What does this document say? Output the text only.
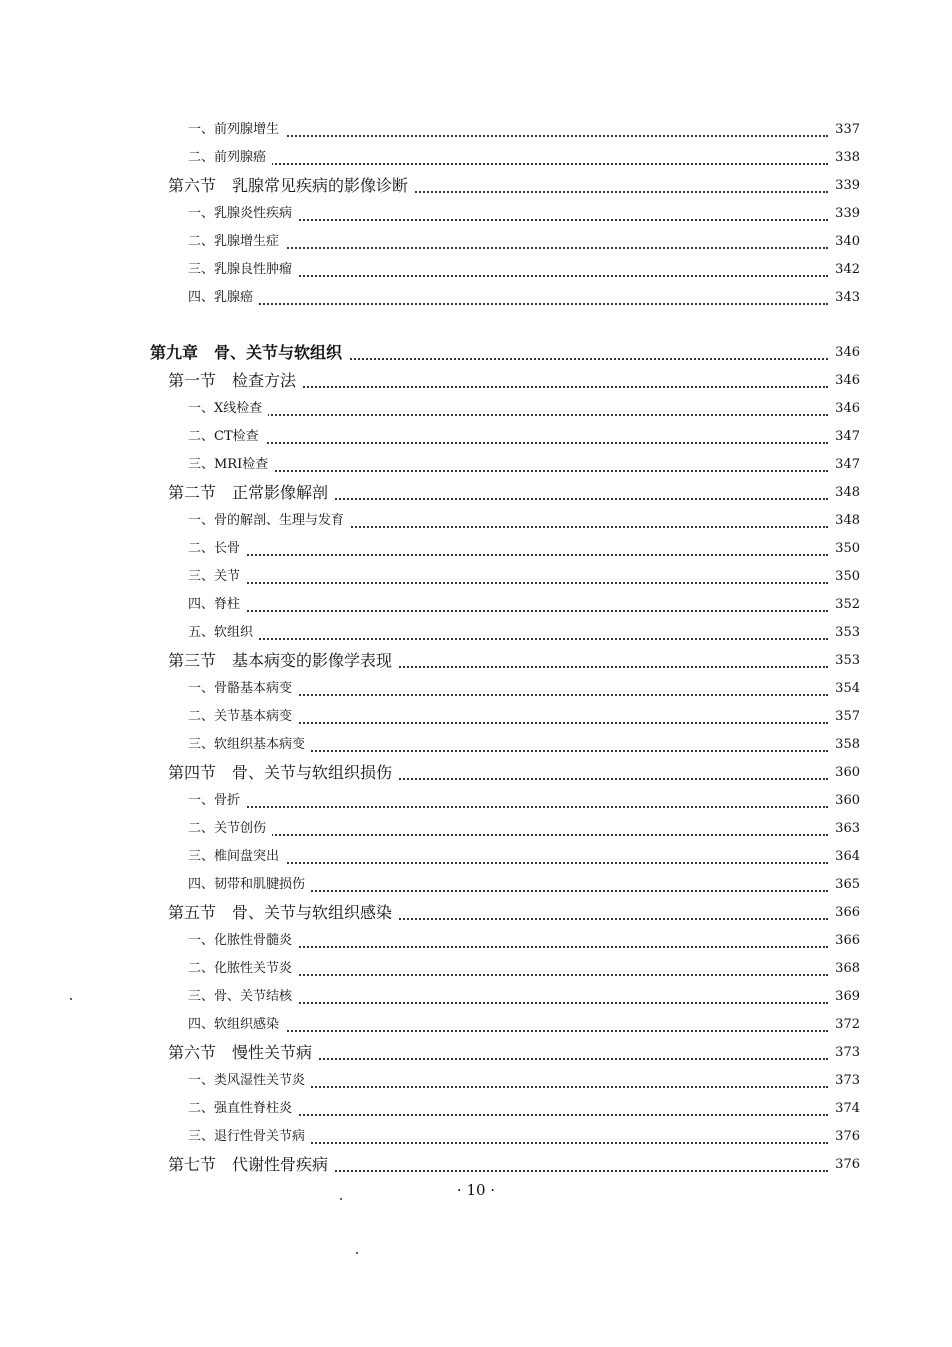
一、前列腺增生	337
二、前列腺癌	338
第六节　乳腺常见疾病的影像诊断	339
一、乳腺炎性疾病	339
二、乳腺增生症	340
三、乳腺良性肿瘤	342
四、乳腺癌	343
第九章　骨、关节与软组织	346
第一节　检查方法	346
一、X线检查	346
二、CT检查	347
三、MRI检查	347
第二节　正常影像解剖	348
一、骨的解剖、生理与发育	348
二、长骨	350
三、关节	350
四、脊柱	352
五、软组织	353
第三节　基本病变的影像学表现	353
一、骨骼基本病变	354
二、关节基本病变	357
三、软组织基本病变	358
第四节　骨、关节与软组织损伤	360
一、骨折	360
二、关节创伤	363
三、椎间盘突出	364
四、韧带和肌腱损伤	365
第五节　骨、关节与软组织感染	366
一、化脓性骨髓炎	366
二、化脓性关节炎	368
三、骨、关节结核	369
四、软组织感染	372
第六节　慢性关节病	373
一、类风湿性关节炎	373
二、强直性脊柱炎	374
三、退行性骨关节病	376
第七节　代谢性骨疾病	376
· 10 ·
